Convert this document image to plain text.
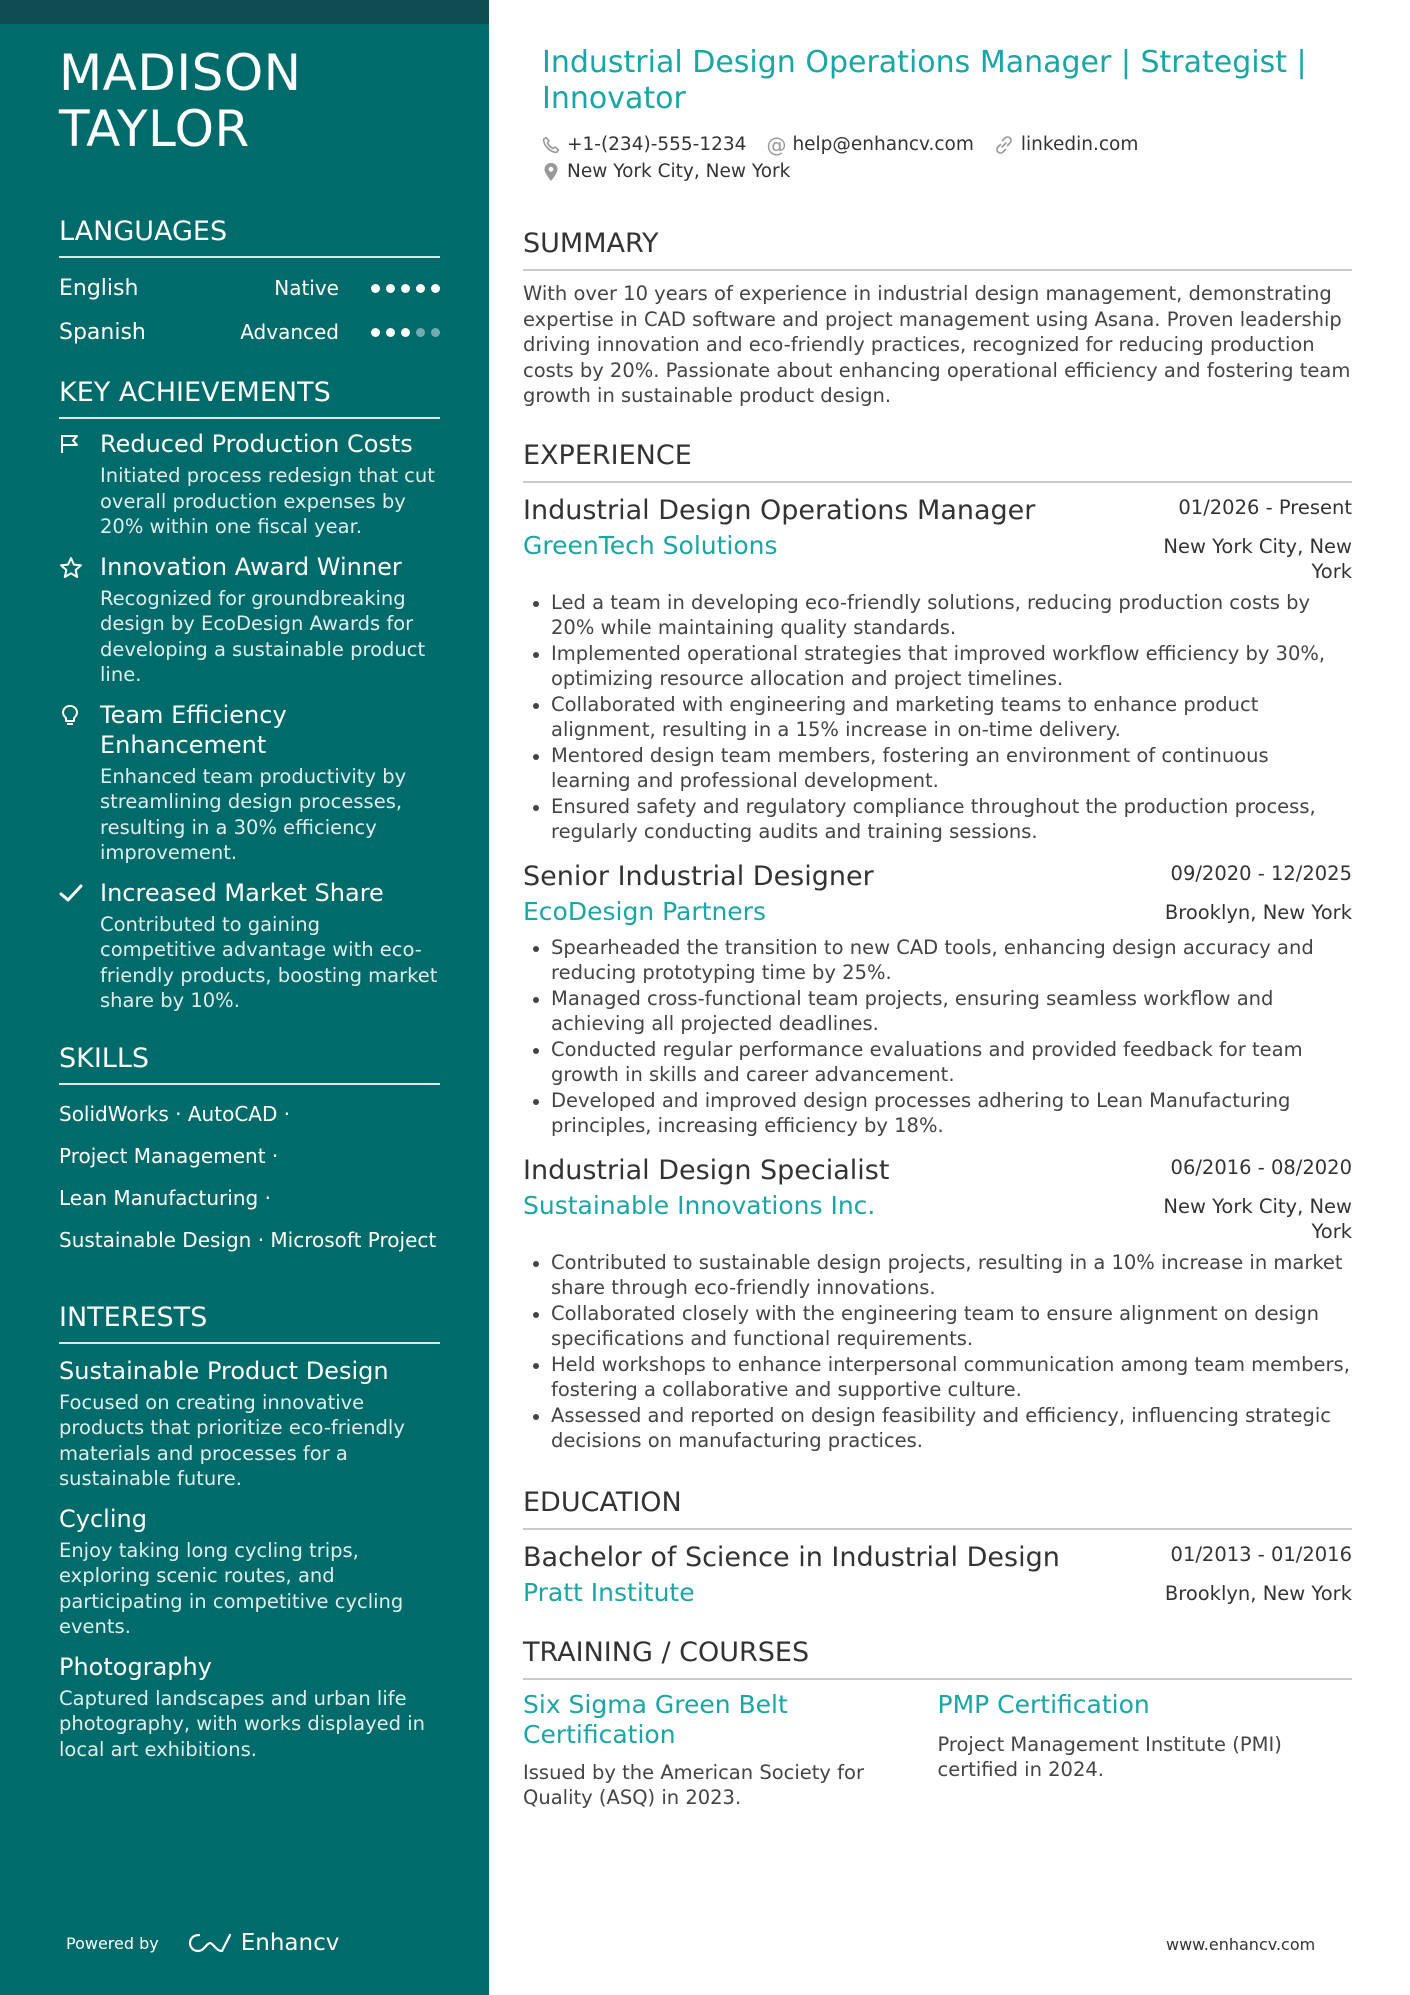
MADISON
TAYLOR
LANGUAGES
English	Native
Spanish	Advanced
KEY ACHIEVEMENTS
Reduced Production Costs
Initiated process redesign that cut overall production expenses by 20% within one fiscal year.
Innovation Award Winner
Recognized for groundbreaking design by EcoDesign Awards for developing a sustainable product line.
Team Efficiency Enhancement
Enhanced team productivity by streamlining design processes, resulting in a 30% efficiency improvement.
Increased Market Share
Contributed to gaining competitive advantage with eco-friendly products, boosting market share by 10%.
SKILLS
SolidWorks · AutoCAD ·
Project Management ·
Lean Manufacturing ·
Sustainable Design · Microsoft Project
INTERESTS
Sustainable Product Design
Focused on creating innovative products that prioritize eco-friendly materials and processes for a sustainable future.
Cycling
Enjoy taking long cycling trips, exploring scenic routes, and participating in competitive cycling events.
Photography
Captured landscapes and urban life photography, with works displayed in local art exhibitions.
Powered by	Enhancv
Industrial Design Operations Manager | Strategist | Innovator
+1-(234)-555-1234 @ help@enhancv.com	linkedin.com
New York City, New York
SUMMARY

With over 10 years of experience in industrial design management, demonstrating expertise in CAD software and project management using Asana. Proven leadership driving innovation and eco-friendly practices, recognized for reducing production costs by 20%. Passionate about enhancing operational efficiency and fostering team growth in sustainable product design.

EXPERIENCE
Industrial Design Operations Manager	01/2026 - Present
GreenTech Solutions	New York City, New York
Led a team in developing eco-friendly solutions, reducing production costs by 20% while maintaining quality standards.
Implemented operational strategies that improved workflow efficiency by 30%, optimizing resource allocation and project timelines.
Collaborated with engineering and marketing teams to enhance product alignment, resulting in a 15% increase in on-time delivery.
Mentored design team members, fostering an environment of continuous learning and professional development.
Ensured safety and regulatory compliance throughout the production process, regularly conducting audits and training sessions.
Senior Industrial Designer	09/2020 - 12/2025
EcoDesign Partners	Brooklyn, New York
Spearheaded the transition to new CAD tools, enhancing design accuracy and reducing prototyping time by 25%.
Managed cross-functional team projects, ensuring seamless workflow and achieving all projected deadlines.
Conducted regular performance evaluations and provided feedback for team growth in skills and career advancement.
Developed and improved design processes adhering to Lean Manufacturing principles, increasing efficiency by 18%.
Industrial Design Specialist	06/2016 - 08/2020
Sustainable Innovations Inc.	New York City, New York
Contributed to sustainable design projects, resulting in a 10% increase in market share through eco-friendly innovations.
Collaborated closely with the engineering team to ensure alignment on design specifications and functional requirements.
Held workshops to enhance interpersonal communication among team members, fostering a collaborative and supportive culture.
Assessed and reported on design feasibility and efficiency, influencing strategic decisions on manufacturing practices.
EDUCATION
Bachelor of Science in Industrial Design	01/2013 - 01/2016
Pratt Institute	Brooklyn, New York
TRAINING / COURSES
Six Sigma Green Belt Certification
Issued by the American Society for Quality (ASQ) in 2023.
PMP Certification
Project Management Institute (PMI) certified in 2024.
www.enhancv.com
